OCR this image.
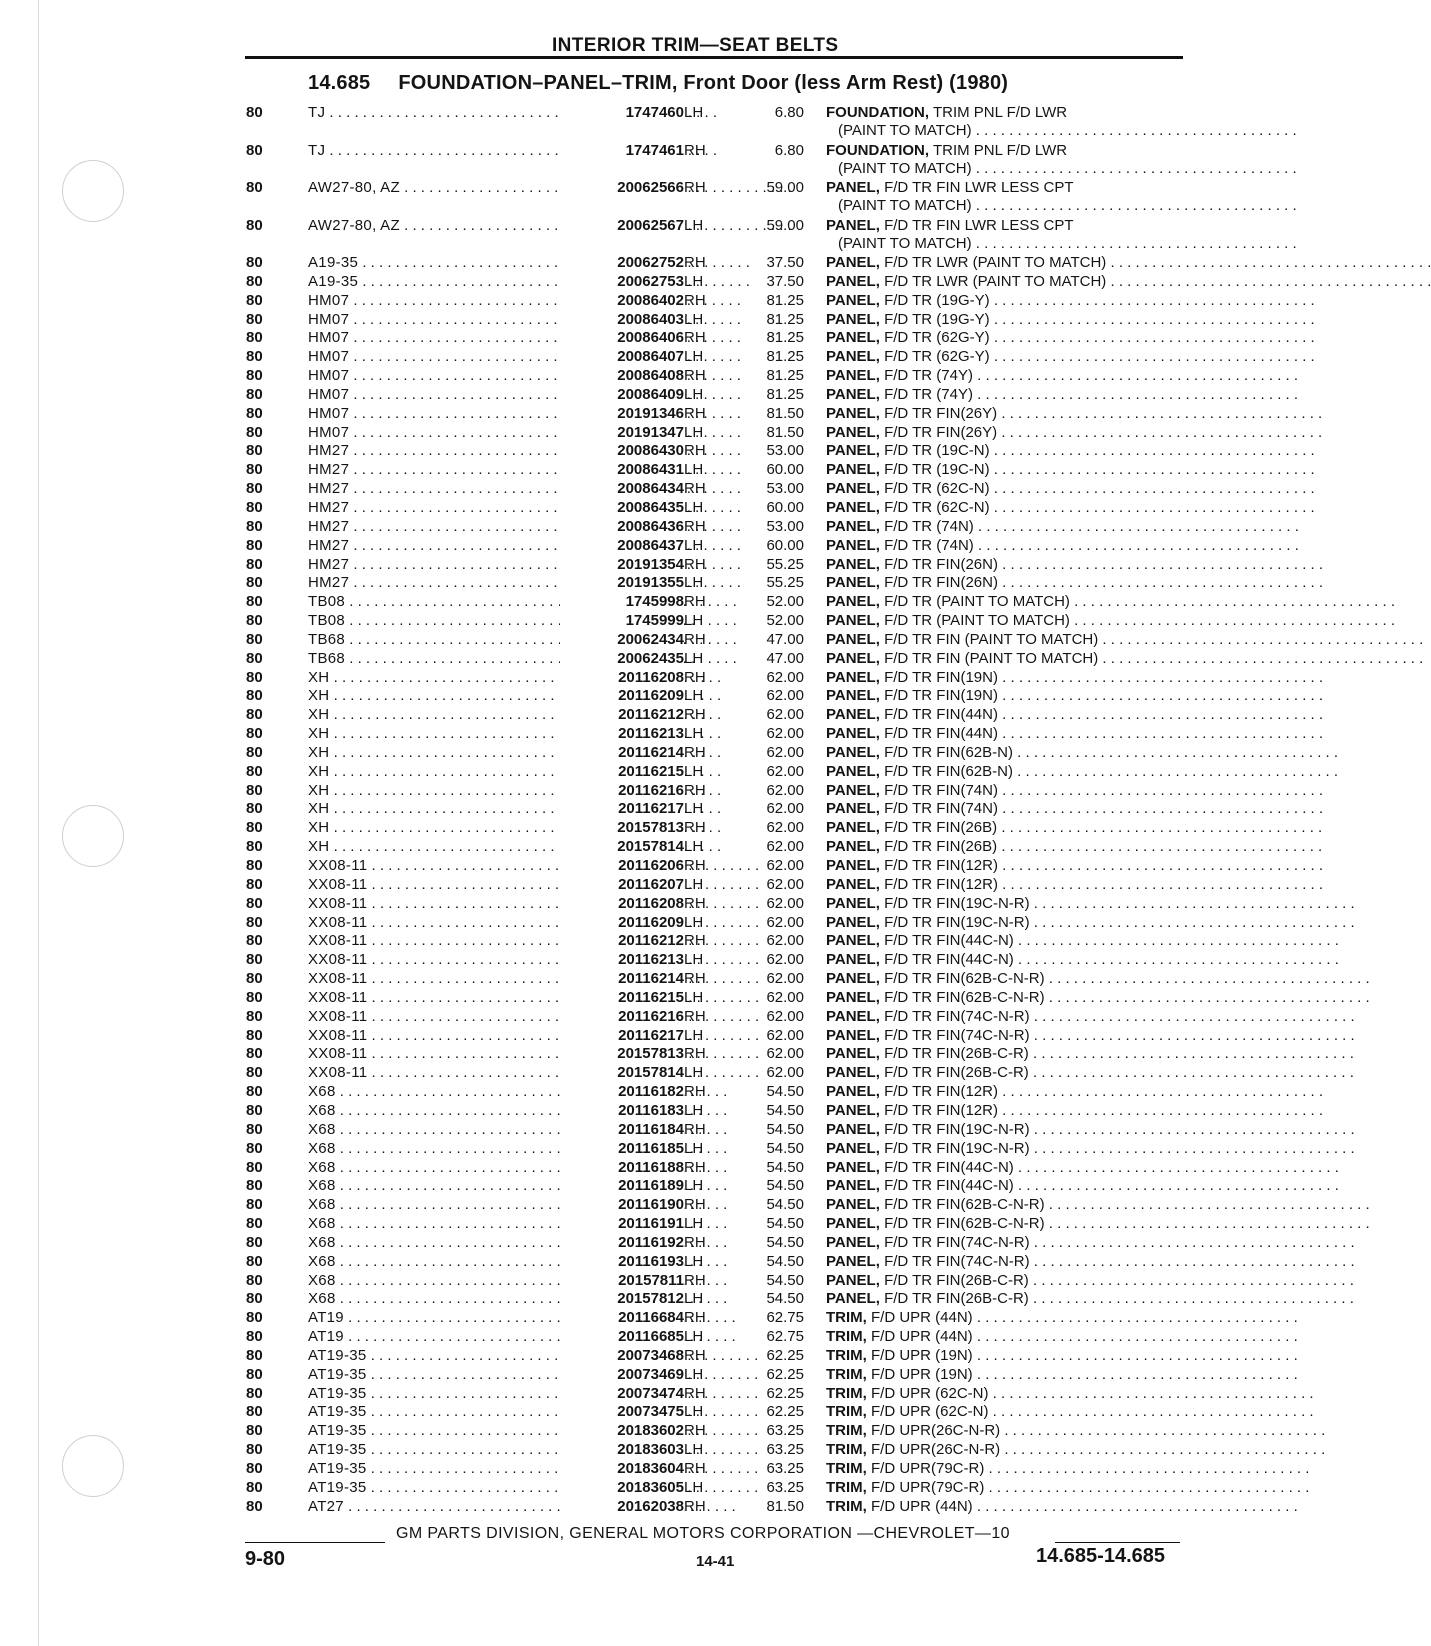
INTERIOR TRIM—SEAT BELTS
14.685 FOUNDATION–PANEL–TRIM, Front Door (less Arm Rest) (1980)
80	TJ . . .	1747460 LH	6.80 FOUNDATION, TRIM PNL F/D LWR
(PAINT TO MATCH) . . . . . . . . . . . . . . . . . . . . . . . . . . . . . . . . . . . . . . .
80	TJ . . .	1747461 RH	6.80 FOUNDATION, TRIM PNL F/D LWR
(PAINT TO MATCH) . . . . . . . . . . . . . . . . . . . . . . . . . . . . . . . . . . . . . . .
80	AW27-80, AZ . . .	20062566 RH	59.00 PANEL, F/D TR FIN LWR LESS CPT
(PAINT TO MATCH) . . . . . . . . . . . . . . . . . . . . . . . . . . . . . . . . . . . . . . .
80	AW27-80, AZ . . .	20062567 LH	59.00 PANEL, F/D TR FIN LWR LESS CPT
(PAINT TO MATCH) . . . . . . . . . . . . . . . . . . . . . . . . . . . . . . . . . . . . . . .
80	A19-35 . . .	20062752 RH	37.50 PANEL, F/D TR LWR (PAINT TO MATCH) . . . . . . . . . . . . . . . . . . . . . . . . . . . . . . . . . . . . . . .
80	A19-35 . . .	20062753 LH	37.50 PANEL, F/D TR LWR (PAINT TO MATCH) . . . . . . . . . . . . . . . . . . . . . . . . . . . . . . . . . . . . . . .
80	HM07 . . .	20086402 RH	81.25 PANEL, F/D TR (19G-Y) . . . . . . . . . . . . . . . . . . . . . . . . . . . . . . . . . . . . . . .
80	HM07 . . .	20086403 LH	81.25 PANEL, F/D TR (19G-Y) . . . . . . . . . . . . . . . . . . . . . . . . . . . . . . . . . . . . . . .
80	HM07 . . .	20086406 RH	81.25 PANEL, F/D TR (62G-Y) . . . . . . . . . . . . . . . . . . . . . . . . . . . . . . . . . . . . . . .
80	HM07 . . .	20086407 LH	81.25 PANEL, F/D TR (62G-Y) . . . . . . . . . . . . . . . . . . . . . . . . . . . . . . . . . . . . . . .
80	HM07 . . .	20086408 RH	81.25 PANEL, F/D TR (74Y) . . . . . . . . . . . . . . . . . . . . . . . . . . . . . . . . . . . . . . .
80	HM07 . . .	20086409 LH	81.25 PANEL, F/D TR (74Y) . . . . . . . . . . . . . . . . . . . . . . . . . . . . . . . . . . . . . . .
80	HM07 . . .	20191346 RH	81.50 PANEL, F/D TR FIN(26Y) . . . . . . . . . . . . . . . . . . . . . . . . . . . . . . . . . . . . . . .
80	HM07 . . .	20191347 LH	81.50 PANEL, F/D TR FIN(26Y) . . . . . . . . . . . . . . . . . . . . . . . . . . . . . . . . . . . . . . .
80	HM27 . . .	20086430 RH	53.00 PANEL, F/D TR (19C-N) . . . . . . . . . . . . . . . . . . . . . . . . . . . . . . . . . . . . . . .
80	HM27 . . .	20086431 LH	60.00 PANEL, F/D TR (19C-N) . . . . . . . . . . . . . . . . . . . . . . . . . . . . . . . . . . . . . . .
80	HM27 . . .	20086434 RH	53.00 PANEL, F/D TR (62C-N) . . . . . . . . . . . . . . . . . . . . . . . . . . . . . . . . . . . . . . .
80	HM27 . . .	20086435 LH	60.00 PANEL, F/D TR (62C-N) . . . . . . . . . . . . . . . . . . . . . . . . . . . . . . . . . . . . . . .
80	HM27 . . .	20086436 RH	53.00 PANEL, F/D TR (74N) . . . . . . . . . . . . . . . . . . . . . . . . . . . . . . . . . . . . . . .
80	HM27 . . .	20086437 LH	60.00 PANEL, F/D TR (74N) . . . . . . . . . . . . . . . . . . . . . . . . . . . . . . . . . . . . . . .
80	HM27 . . .	20191354 RH	55.25 PANEL, F/D TR FIN(26N) . . . . . . . . . . . . . . . . . . . . . . . . . . . . . . . . . . . . . . .
80	HM27 . . .	20191355 LH	55.25 PANEL, F/D TR FIN(26N) . . . . . . . . . . . . . . . . . . . . . . . . . . . . . . . . . . . . . . .
80	TB08 . . .	1745998 RH	52.00 PANEL, F/D TR (PAINT TO MATCH) . . . . . . . . . . . . . . . . . . . . . . . . . . . . . . . . . . . . . . .
80	TB08 . . .	1745999 LH	52.00 PANEL, F/D TR (PAINT TO MATCH) . . . . . . . . . . . . . . . . . . . . . . . . . . . . . . . . . . . . . . .
80	TB68 . . .	20062434 RH	47.00 PANEL, F/D TR FIN (PAINT TO MATCH) . . . . . . . . . . . . . . . . . . . . . . . . . . . . . . . . . . . . . . .
80	TB68 . . .	20062435 LH	47.00 PANEL, F/D TR FIN (PAINT TO MATCH) . . . . . . . . . . . . . . . . . . . . . . . . . . . . . . . . . . . . . . .
80	XH . . .	20116208 RH	62.00 PANEL, F/D TR FIN(19N) . . . . . . . . . . . . . . . . . . . . . . . . . . . . . . . . . . . . . . .
80	XH . . .	20116209 LH	62.00 PANEL, F/D TR FIN(19N) . . . . . . . . . . . . . . . . . . . . . . . . . . . . . . . . . . . . . . .
80	XH . . .	20116212 RH	62.00 PANEL, F/D TR FIN(44N) . . . . . . . . . . . . . . . . . . . . . . . . . . . . . . . . . . . . . . .
80	XH . . .	20116213 LH	62.00 PANEL, F/D TR FIN(44N) . . . . . . . . . . . . . . . . . . . . . . . . . . . . . . . . . . . . . . .
80	XH . . .	20116214 RH	62.00 PANEL, F/D TR FIN(62B-N) . . . . . . . . . . . . . . . . . . . . . . . . . . . . . . . . . . . . . . .
80	XH . . .	20116215 LH	62.00 PANEL, F/D TR FIN(62B-N) . . . . . . . . . . . . . . . . . . . . . . . . . . . . . . . . . . . . . . .
80	XH . . .	20116216 RH	62.00 PANEL, F/D TR FIN(74N) . . . . . . . . . . . . . . . . . . . . . . . . . . . . . . . . . . . . . . .
80	XH . . .	20116217 LH	62.00 PANEL, F/D TR FIN(74N) . . . . . . . . . . . . . . . . . . . . . . . . . . . . . . . . . . . . . . .
80	XH . . .	20157813 RH	62.00 PANEL, F/D TR FIN(26B) . . . . . . . . . . . . . . . . . . . . . . . . . . . . . . . . . . . . . . .
80	XH . . .	20157814 LH	62.00 PANEL, F/D TR FIN(26B) . . . . . . . . . . . . . . . . . . . . . . . . . . . . . . . . . . . . . . .
80	XX08-11 . . .	20116206 RH	62.00 PANEL, F/D TR FIN(12R) . . . . . . . . . . . . . . . . . . . . . . . . . . . . . . . . . . . . . . .
80	XX08-11 . . .	20116207 LH	62.00 PANEL, F/D TR FIN(12R) . . . . . . . . . . . . . . . . . . . . . . . . . . . . . . . . . . . . . . .
80	XX08-11 . . .	20116208 RH	62.00 PANEL, F/D TR FIN(19C-N-R) . . . . . . . . . . . . . . . . . . . . . . . . . . . . . . . . . . . . . . .
80	XX08-11 . . .	20116209 LH	62.00 PANEL, F/D TR FIN(19C-N-R) . . . . . . . . . . . . . . . . . . . . . . . . . . . . . . . . . . . . . . .
80	XX08-11 . . .	20116212 RH	62.00 PANEL, F/D TR FIN(44C-N) . . . . . . . . . . . . . . . . . . . . . . . . . . . . . . . . . . . . . . .
80	XX08-11 . . .	20116213 LH	62.00 PANEL, F/D TR FIN(44C-N) . . . . . . . . . . . . . . . . . . . . . . . . . . . . . . . . . . . . . . .
80	XX08-11 . . .	20116214 RH	62.00 PANEL, F/D TR FIN(62B-C-N-R) . . . . . . . . . . . . . . . . . . . . . . . . . . . . . . . . . . . . . . .
80	XX08-11 . . .	20116215 LH	62.00 PANEL, F/D TR FIN(62B-C-N-R) . . . . . . . . . . . . . . . . . . . . . . . . . . . . . . . . . . . . . . .
80	XX08-11 . . .	20116216 RH	62.00 PANEL, F/D TR FIN(74C-N-R) . . . . . . . . . . . . . . . . . . . . . . . . . . . . . . . . . . . . . . .
80	XX08-11 . . .	20116217 LH	62.00 PANEL, F/D TR FIN(74C-N-R) . . . . . . . . . . . . . . . . . . . . . . . . . . . . . . . . . . . . . . .
80	XX08-11 . . .	20157813 RH	62.00 PANEL, F/D TR FIN(26B-C-R) . . . . . . . . . . . . . . . . . . . . . . . . . . . . . . . . . . . . . . .
80	XX08-11 . . .	20157814 LH	62.00 PANEL, F/D TR FIN(26B-C-R) . . . . . . . . . . . . . . . . . . . . . . . . . . . . . . . . . . . . . . .
80	X68 . . .	20116182 RH	54.50 PANEL, F/D TR FIN(12R) . . . . . . . . . . . . . . . . . . . . . . . . . . . . . . . . . . . . . . .
80	X68 . . .	20116183 LH	54.50 PANEL, F/D TR FIN(12R) . . . . . . . . . . . . . . . . . . . . . . . . . . . . . . . . . . . . . . .
80	X68 . . .	20116184 RH	54.50 PANEL, F/D TR FIN(19C-N-R) . . . . . . . . . . . . . . . . . . . . . . . . . . . . . . . . . . . . . . .
80	X68 . . .	20116185 LH	54.50 PANEL, F/D TR FIN(19C-N-R) . . . . . . . . . . . . . . . . . . . . . . . . . . . . . . . . . . . . . . .
80	X68 . . .	20116188 RH	54.50 PANEL, F/D TR FIN(44C-N) . . . . . . . . . . . . . . . . . . . . . . . . . . . . . . . . . . . . . . .
80	X68 . . .	20116189 LH	54.50 PANEL, F/D TR FIN(44C-N) . . . . . . . . . . . . . . . . . . . . . . . . . . . . . . . . . . . . . . .
80	X68 . . .	20116190 RH	54.50 PANEL, F/D TR FIN(62B-C-N-R) . . . . . . . . . . . . . . . . . . . . . . . . . . . . . . . . . . . . . . .
80	X68 . . .	20116191 LH	54.50 PANEL, F/D TR FIN(62B-C-N-R) . . . . . . . . . . . . . . . . . . . . . . . . . . . . . . . . . . . . . . .
80	X68 . . .	20116192 RH	54.50 PANEL, F/D TR FIN(74C-N-R) . . . . . . . . . . . . . . . . . . . . . . . . . . . . . . . . . . . . . . .
80	X68 . . .	20116193 LH	54.50 PANEL, F/D TR FIN(74C-N-R) . . . . . . . . . . . . . . . . . . . . . . . . . . . . . . . . . . . . . . .
80	X68 . . .	20157811 RH	54.50 PANEL, F/D TR FIN(26B-C-R) . . . . . . . . . . . . . . . . . . . . . . . . . . . . . . . . . . . . . . .
80	X68 . . .	20157812 LH	54.50 PANEL, F/D TR FIN(26B-C-R) . . . . . . . . . . . . . . . . . . . . . . . . . . . . . . . . . . . . . . .
80	AT19 . . .	20116684 RH	62.75 TRIM, F/D UPR (44N) . . . . . . . . . . . . . . . . . . . . . . . . . . . . . . . . . . . . . . .
80	AT19 . . .	20116685 LH	62.75 TRIM, F/D UPR (44N) . . . . . . . . . . . . . . . . . . . . . . . . . . . . . . . . . . . . . . .
80	AT19-35 . . .	20073468 RH	62.25 TRIM, F/D UPR (19N) . . . . . . . . . . . . . . . . . . . . . . . . . . . . . . . . . . . . . . .
80	AT19-35 . . .	20073469 LH	62.25 TRIM, F/D UPR (19N) . . . . . . . . . . . . . . . . . . . . . . . . . . . . . . . . . . . . . . .
80	AT19-35 . . .	20073474 RH	62.25 TRIM, F/D UPR (62C-N) . . . . . . . . . . . . . . . . . . . . . . . . . . . . . . . . . . . . . . .
80	AT19-35 . . .	20073475 LH	62.25 TRIM, F/D UPR (62C-N) . . . . . . . . . . . . . . . . . . . . . . . . . . . . . . . . . . . . . . .
80	AT19-35 . . .	20183602 RH	63.25 TRIM, F/D UPR(26C-N-R) . . . . . . . . . . . . . . . . . . . . . . . . . . . . . . . . . . . . . . .
80	AT19-35 . . .	20183603 LH	63.25 TRIM, F/D UPR(26C-N-R) . . . . . . . . . . . . . . . . . . . . . . . . . . . . . . . . . . . . . . .
80	AT19-35 . . .	20183604 RH	63.25 TRIM, F/D UPR(79C-R) . . . . . . . . . . . . . . . . . . . . . . . . . . . . . . . . . . . . . . .
80	AT19-35 . . .	20183605 LH	63.25 TRIM, F/D UPR(79C-R) . . . . . . . . . . . . . . . . . . . . . . . . . . . . . . . . . . . . . . .
80	AT27 . . .	20162038 RH	81.50 TRIM, F/D UPR (44N) . . . . . . . . . . . . . . . . . . . . . . . . . . . . . . . . . . . . . . .
GM PARTS DIVISION, GENERAL MOTORS CORPORATION —CHEVROLET—10
9-80	14-41	14.685-14.685
